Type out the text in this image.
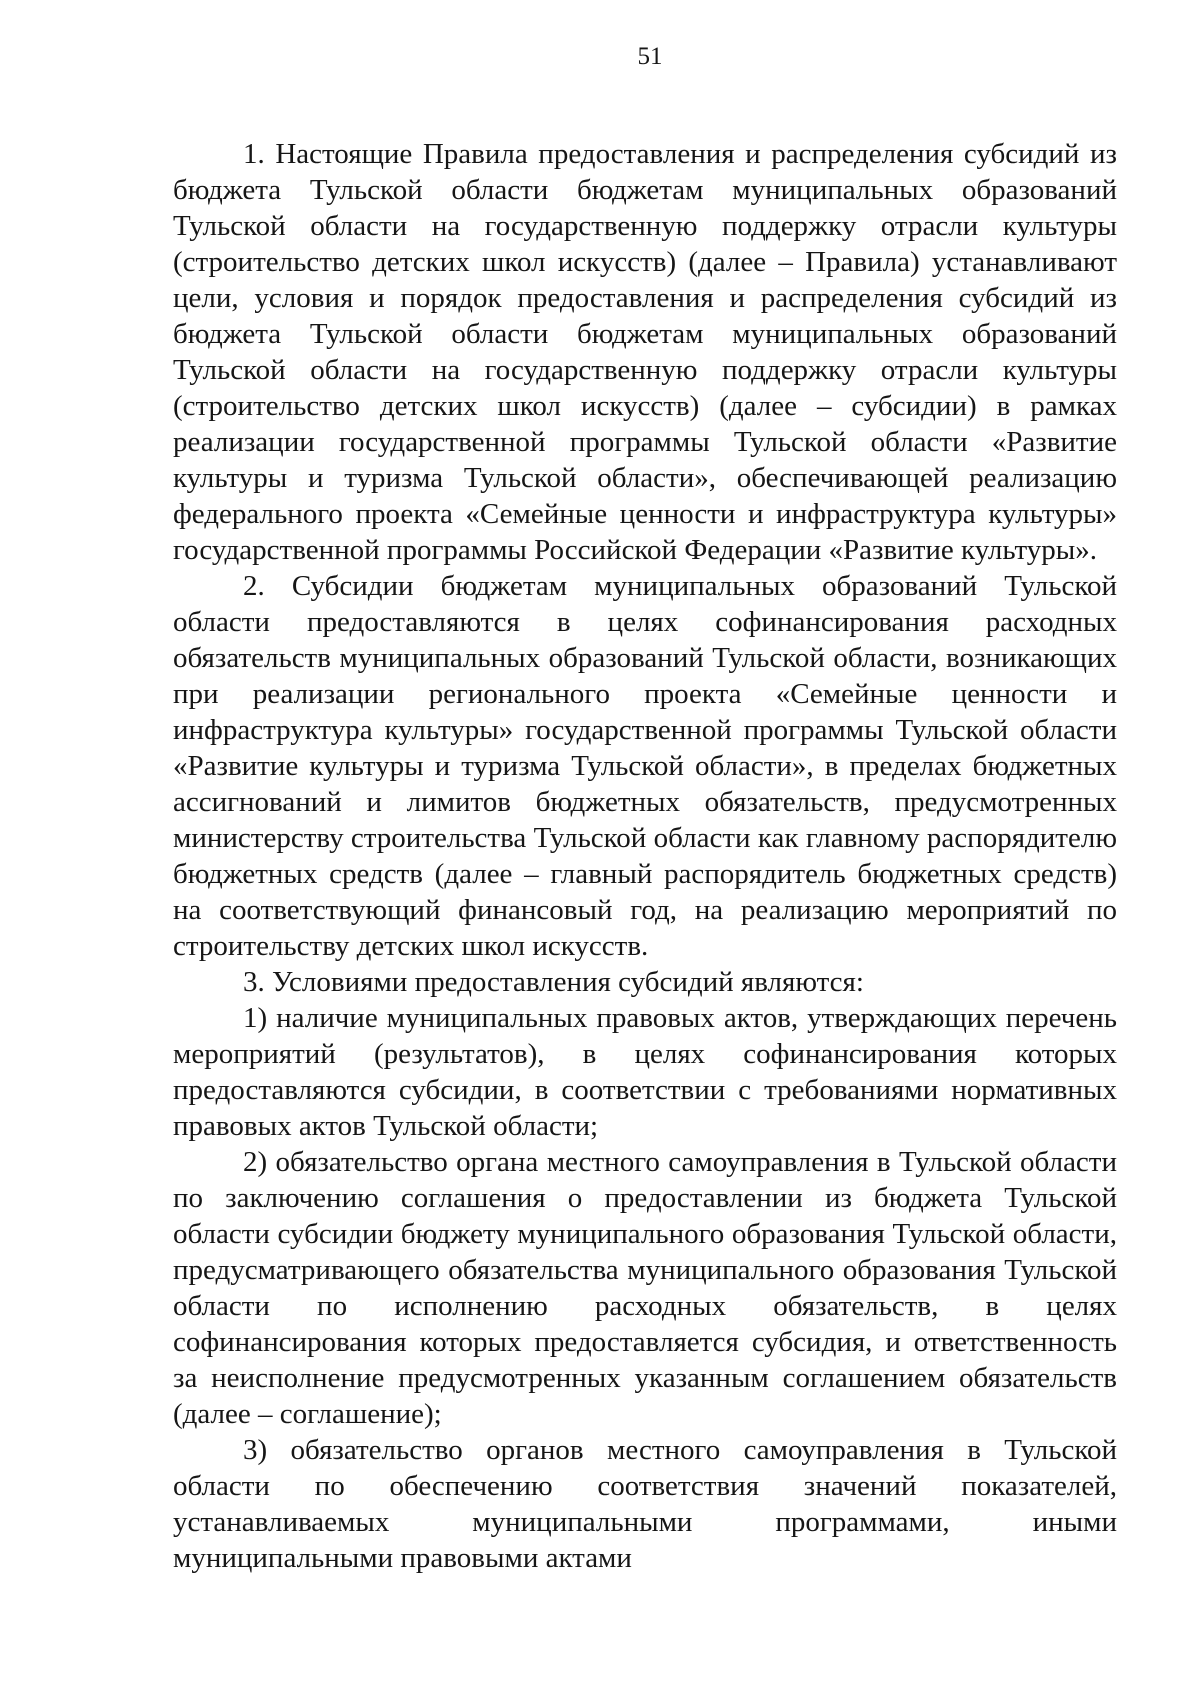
51

1. Настоящие Правила предоставления и распределения субсидий из бюджета Тульской области бюджетам муниципальных образований Тульской области на государственную поддержку отрасли культуры (строительство детских школ искусств) (далее – Правила) устанавливают цели, условия и порядок предоставления и распределения субсидий из бюджета Тульской области бюджетам муниципальных образований Тульской области на государственную поддержку отрасли культуры (строительство детских школ искусств) (далее – субсидии) в рамках реализации государственной программы Тульской области «Развитие культуры и туризма Тульской области», обеспечивающей реализацию федерального проекта «Семейные ценности и инфраструктура культуры» государственной программы Российской Федерации «Развитие культуры».

2. Субсидии бюджетам муниципальных образований Тульской области предоставляются в целях софинансирования расходных обязательств муниципальных образований Тульской области, возникающих при реализации регионального проекта «Семейные ценности и инфраструктура культуры» государственной программы Тульской области «Развитие культуры и туризма Тульской области», в пределах бюджетных ассигнований и лимитов бюджетных обязательств, предусмотренных министерству строительства Тульской области как главному распорядителю бюджетных средств (далее – главный распорядитель бюджетных средств) на соответствующий финансовый год, на реализацию мероприятий по строительству детских школ искусств.

3. Условиями предоставления субсидий являются:

1) наличие муниципальных правовых актов, утверждающих перечень мероприятий (результатов), в целях софинансирования которых предоставляются субсидии, в соответствии с требованиями нормативных правовых актов Тульской области;

2) обязательство органа местного самоуправления в Тульской области по заключению соглашения о предоставлении из бюджета Тульской области субсидии бюджету муниципального образования Тульской области, предусматривающего обязательства муниципального образования Тульской области по исполнению расходных обязательств, в целях софинансирования которых предоставляется субсидия, и ответственность за неисполнение предусмотренных указанным соглашением обязательств (далее – соглашение);

3) обязательство органов местного самоуправления в Тульской области по обеспечению соответствия значений показателей, устанавливаемых муниципальными программами, иными муниципальными правовыми актами
